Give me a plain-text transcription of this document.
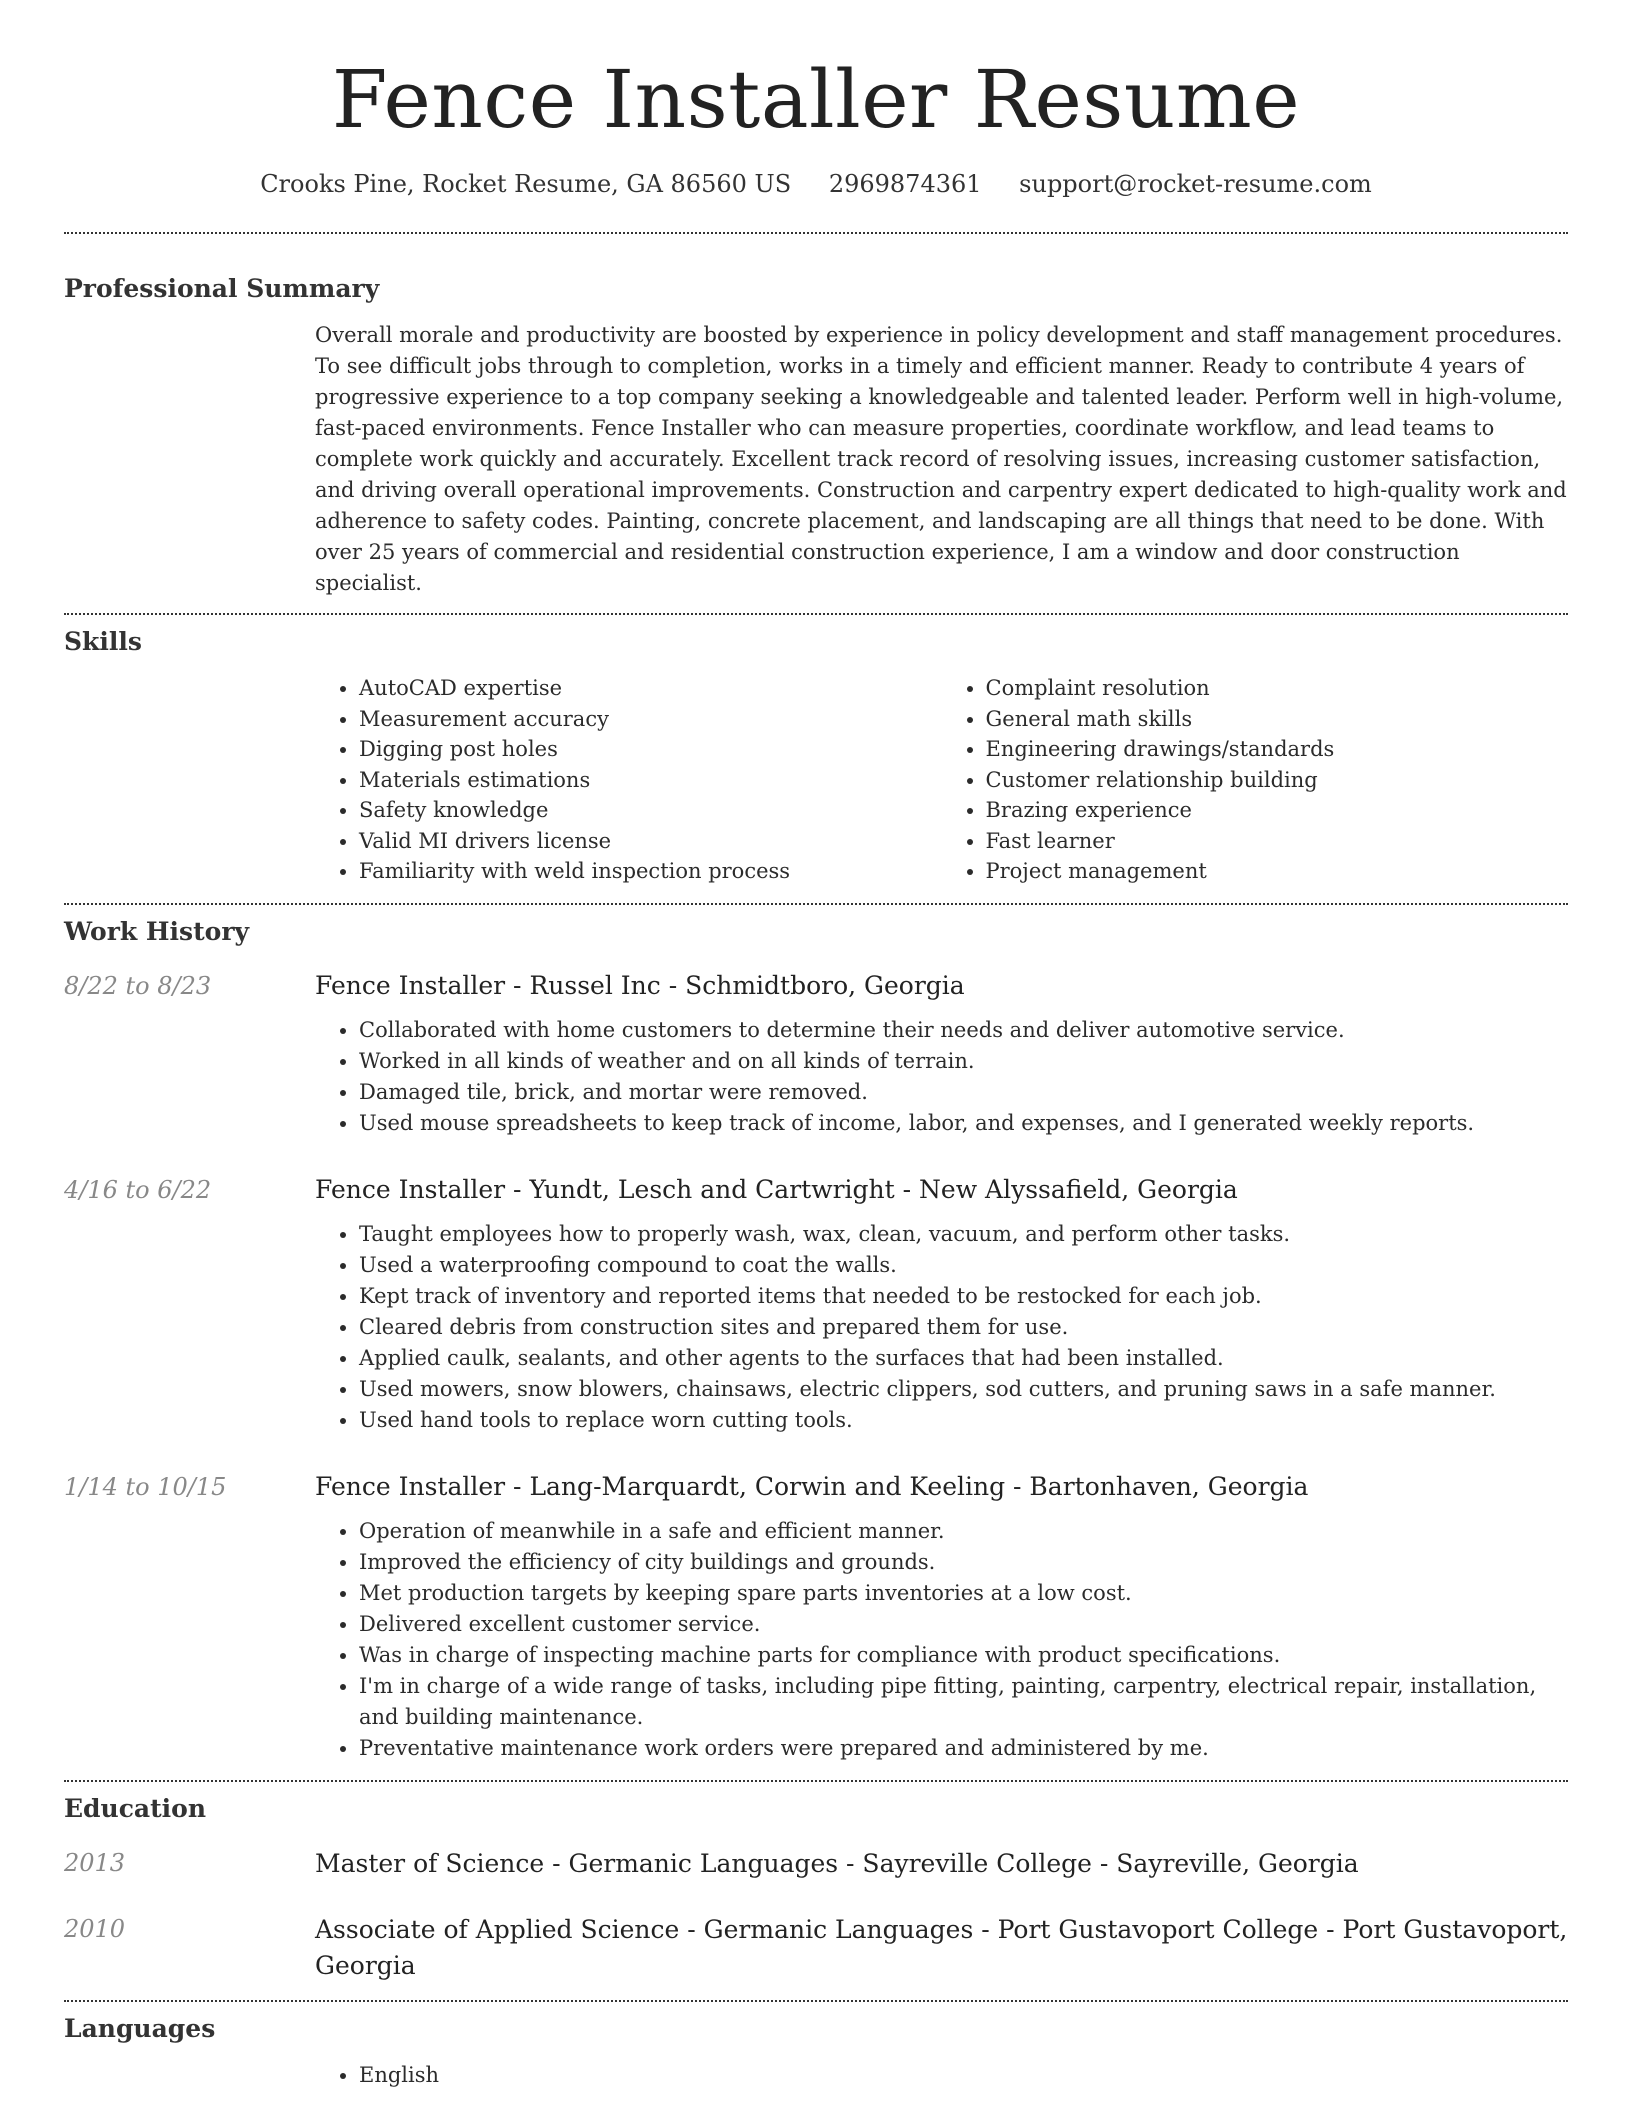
Fence Installer Resume
Crooks Pine, Rocket Resume, GA 86560 US 2969874361 support@rocket-resume.com
Professional Summary
Overall morale and productivity are boosted by experience in policy development and staff management procedures. To see difficult jobs through to completion, works in a timely and efficient manner. Ready to contribute 4 years of progressive experience to a top company seeking a knowledgeable and talented leader. Perform well in high-volume, fast-paced environments. Fence Installer who can measure properties, coordinate workflow, and lead teams to complete work quickly and accurately. Excellent track record of resolving issues, increasing customer satisfaction, and driving overall operational improvements. Construction and carpentry expert dedicated to high-quality work and adherence to safety codes. Painting, concrete placement, and landscaping are all things that need to be done. With over 25 years of commercial and residential construction experience, I am a window and door construction specialist.
Skills
• AutoCAD expertise
• Measurement accuracy
• Digging post holes
• Materials estimations
• Safety knowledge
• Valid MI drivers license
• Familiarity with weld inspection process
• Complaint resolution
• General math skills
• Engineering drawings/standards
• Customer relationship building
• Brazing experience
• Fast learner
• Project management
Work History
8/22 to 8/23	Fence Installer - Russel Inc - Schmidtboro, Georgia
• Collaborated with home customers to determine their needs and deliver automotive service.
• Worked in all kinds of weather and on all kinds of terrain.
• Damaged tile, brick, and mortar were removed.
• Used mouse spreadsheets to keep track of income, labor, and expenses, and I generated weekly reports.
4/16 to 6/22	Fence Installer - Yundt, Lesch and Cartwright - New Alyssafield, Georgia
• Taught employees how to properly wash, wax, clean, vacuum, and perform other tasks.
• Used a waterproofing compound to coat the walls.
• Kept track of inventory and reported items that needed to be restocked for each job.
• Cleared debris from construction sites and prepared them for use.
• Applied caulk, sealants, and other agents to the surfaces that had been installed.
• Used mowers, snow blowers, chainsaws, electric clippers, sod cutters, and pruning saws in a safe manner.
• Used hand tools to replace worn cutting tools.
1/14 to 10/15	Fence Installer - Lang-Marquardt, Corwin and Keeling - Bartonhaven, Georgia
• Operation of meanwhile in a safe and efficient manner.
• Improved the efficiency of city buildings and grounds.
• Met production targets by keeping spare parts inventories at a low cost.
• Delivered excellent customer service.
• Was in charge of inspecting machine parts for compliance with product specifications.
• I'm in charge of a wide range of tasks, including pipe fitting, painting, carpentry, electrical repair, installation, and building maintenance.
• Preventative maintenance work orders were prepared and administered by me.
Education
2013	Master of Science - Germanic Languages - Sayreville College - Sayreville, Georgia
2010	Associate of Applied Science - Germanic Languages - Port Gustavoport College - Port Gustavoport, Georgia
Languages
• English
